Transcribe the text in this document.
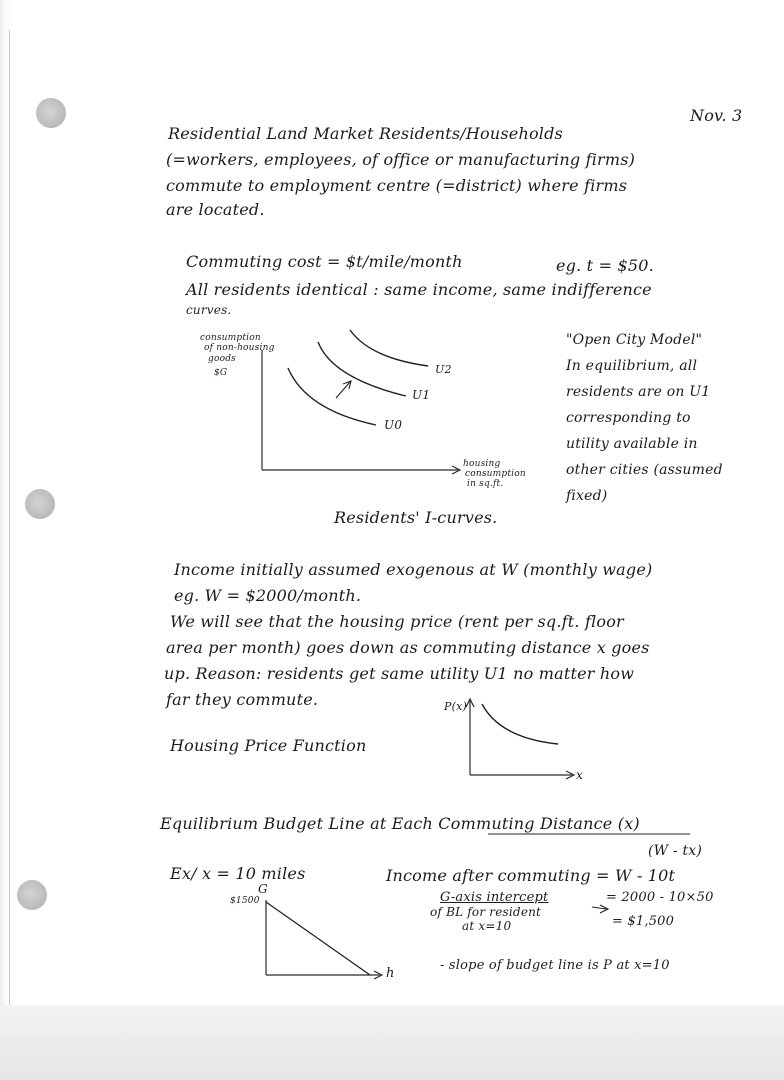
Nov. 3
Residential Land Market Residents/Households
(=workers, employees, of office or manufacturing firms)
commute to employment centre (=district) where firms
are located.
Commuting cost = $t/mile/month	eg. t = $50.
All residents identical : same income, same indifference
curves.
consumption
of non-housing
goods
$G	U2
U1
U0
housing
consumption
in sq.ft.
Residents' I-curves.
"Open City Model"
In equilibrium, all
residents are on U1
corresponding to
utility available in
other cities (assumed
fixed)
Income initially assumed exogenous at W (monthly wage)
eg. W = $2000/month.
We will see that the housing price (rent per sq.ft. floor
area per month) goes down as commuting distance x goes
up. Reason: residents get same utility U1 no matter how
far they commute.
Housing Price Function
P(x)
x
Equilibrium Budget Line at Each Commuting Distance (x)
(W - tx)
Ex/ x = 10 miles	Income after commuting = W - 10t
= 2000 - 10×50
= $1,500
G-axis intercept
of BL for resident
at x=10
- slope of budget line is P at x=10
G
$1500
h
